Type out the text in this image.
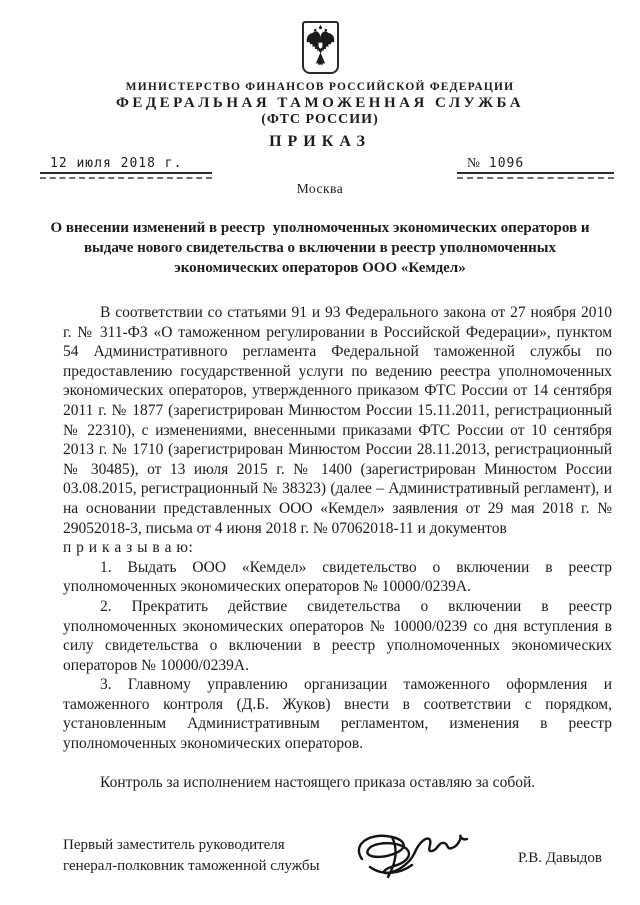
МИНИСТЕРСТВО ФИНАНСОВ РОССИЙСКОЙ ФЕДЕРАЦИИ
ФЕДЕРАЛЬНАЯ ТАМОЖЕННАЯ СЛУЖБА
(ФТС РОССИИ)
ПРИКАЗ
12 июля 2018 г.	№ 1096
Москва
О внесении изменений в реестр  уполномоченных экономических операторов и
выдаче нового свидетельства о включении в реестр уполномоченных
экономических операторов ООО «Кемдел»

В соответствии со статьями 91 и 93 Федерального закона от 27 ноября 2010 г. № 311-ФЗ «О таможенном регулировании в Российской Федерации», пунктом 54 Административного регламента Федеральной таможенной службы по предоставлению государственной услуги по ведению реестра уполномоченных экономических операторов, утвержденного приказом ФТС России от 14 сентября 2011 г. № 1877 (зарегистрирован Минюстом России 15.11.2011, регистрационный № 22310), с изменениями, внесенными приказами ФТС России от 10 сентября 2013 г. № 1710 (зарегистрирован Минюстом России 28.11.2013, регистрационный № 30485), от 13 июля 2015 г. № 1400 (зарегистрирован Минюстом России 03.08.2015, регистрационный № 38323) (далее – Административный регламент), и на основании представленных ООО «Кемдел» заявления от 29 мая 2018 г. № 29052018-3, письма от 4 июня 2018 г. № 07062018-11 и документов

п р и к а з ы в а ю:

1. Выдать ООО «Кемдел» свидетельство о включении в реестр уполномоченных экономических операторов № 10000/0239А.

2. Прекратить действие свидетельства о включении в реестр уполномоченных экономических операторов № 10000/0239 со дня вступления в силу свидетельства о включении в реестр уполномоченных экономических операторов № 10000/0239А.

3. Главному управлению организации таможенного оформления и таможенного контроля (Д.Б. Жуков) внести в соответствии с порядком, установленным Административным регламентом, изменения в реестр уполномоченных экономических операторов.

Контроль за исполнением настоящего приказа оставляю за собой.

Первый заместитель руководителя
генерал-полковник таможенной службы
Р.В. Давыдов
